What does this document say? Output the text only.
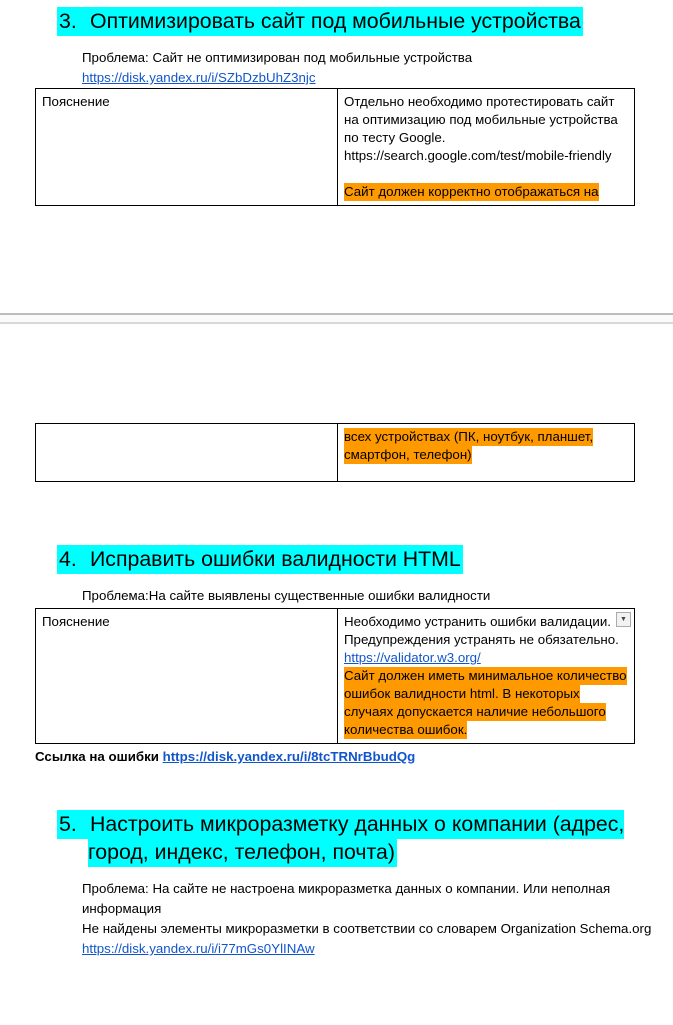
3. Оптимизировать сайт под мобильные устройства
Проблема: Сайт не оптимизирован под мобильные устройства
https://disk.yandex.ru/i/SZbDzbUhZ3njc
Пояснение	Отдельно необходимо протестировать сайт на оптимизацию под мобильные устройства по тесту Google.
https://search.google.com/test/mobile-friendly
Сайт должен корректно отображаться на

всех устройствах (ПК, ноутбук, планшет, смартфон, телефон)
4. Исправить ошибки валидности HTML
Проблема:На сайте выявлены существенные ошибки валидности
Пояснение	▼
Необходимо устранить ошибки валидации. Предупреждения устранять не обязательно.
https://validator.w3.org/
Сайт должен иметь минимальное количество ошибок валидности html. В некоторых случаях допускается наличие небольшого количества ошибок.
Ссылка на ошибки https://disk.yandex.ru/i/8tcTRNrBbudQg
5. Настроить микроразметку данных о компании (адрес, город, индекс, телефон, почта)
Проблема: На сайте не настроена микроразметка данных о компании. Или неполная информация
Не найдены элементы микроразметки в соответствии со словарем Organization Schema.org
https://disk.yandex.ru/i/i77mGs0YlINAw
